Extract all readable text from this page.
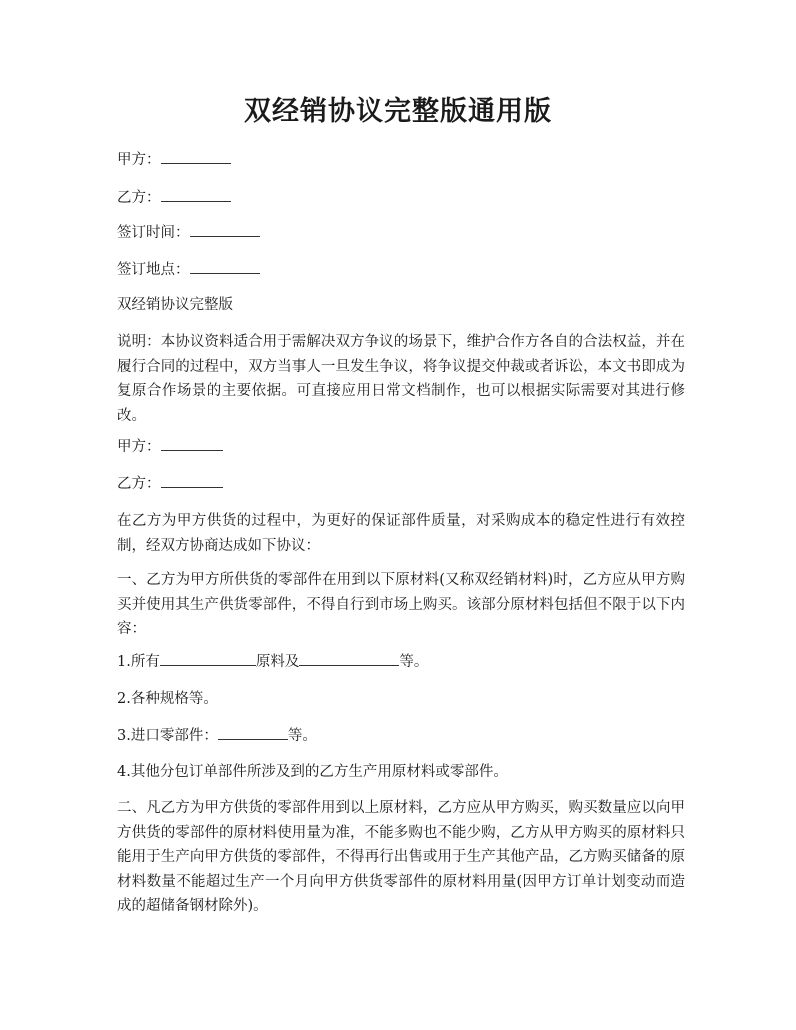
双经销协议完整版通用版

甲方：

乙方：

签订时间：

签订地点：

双经销协议完整版

说明：本协议资料适合用于需解决双方争议的场景下，维护合作方各自的合法权益，并在履行合同的过程中，双方当事人一旦发生争议，将争议提交仲裁或者诉讼，本文书即成为复原合作场景的主要依据。可直接应用日常文档制作，也可以根据实际需要对其进行修改。

甲方：

乙方：

在乙方为甲方供货的过程中，为更好的保证部件质量，对采购成本的稳定性进行有效控制，经双方协商达成如下协议：

一、乙方为甲方所供货的零部件在用到以下原材料(又称双经销材料)时，乙方应从甲方购买并使用其生产供货零部件，不得自行到市场上购买。该部分原材料包括但不限于以下内容：

1.所有	原料及	等。

2.各种规格等。

3.进口零部件：	等。

4.其他分包订单部件所涉及到的乙方生产用原材料或零部件。

二、凡乙方为甲方供货的零部件用到以上原材料，乙方应从甲方购买，购买数量应以向甲方供货的零部件的原材料使用量为准，不能多购也不能少购，乙方从甲方购买的原材料只能用于生产向甲方供货的零部件，不得再行出售或用于生产其他产品，乙方购买储备的原材料数量不能超过生产一个月向甲方供货零部件的原材料用量(因甲方订单计划变动而造成的超储备钢材除外)。
